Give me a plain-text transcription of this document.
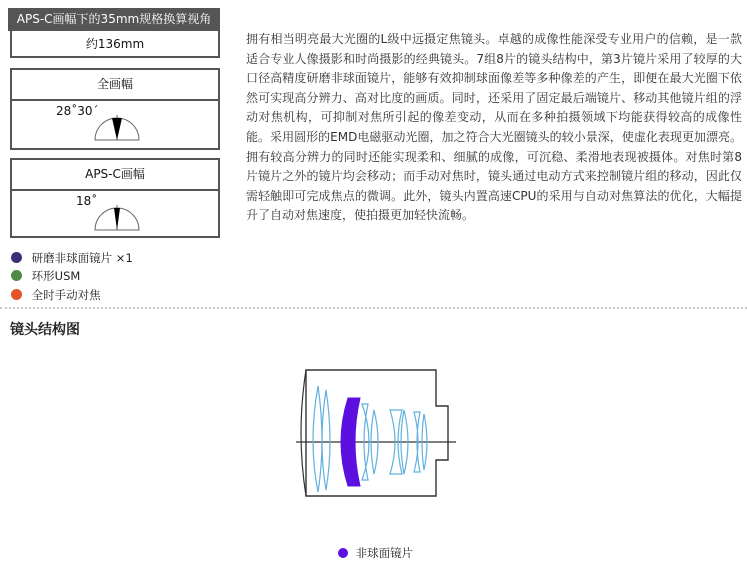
APS-C画幅下的35mm规格换算视角
约136mm
全画幅
28˚30´
APS-C画幅
18˚
研磨非球面镜片 ×1
环形USM
全时手动对焦
拥有相当明亮最大光圈的L级中远摄定焦镜头。卓越的成像性能深受专业用户的信赖，是一款适合专业人像摄影和时尚摄影的经典镜头。7组8片的镜头结构中，第3片镜片采用了较厚的大口径高精度研磨非球面镜片，能够有效抑制球面像差等多种像差的产生，即便在最大光圈下依然可实现高分辨力、高对比度的画质。同时，还采用了固定最后端镜片、移动其他镜片组的浮动对焦机构，可抑制对焦所引起的像差变动，从而在多种拍摄领域下均能获得较高的成像性能。采用圆形的EMD电磁驱动光圈，加之符合大光圈镜头的较小景深，使虚化表现更加漂亮。拥有较高分辨力的同时还能实现柔和、细腻的成像，可沉稳、柔滑地表现被摄体。对焦时第8片镜片之外的镜片均会移动；而手动对焦时，镜头通过电动方式来控制镜片组的移动，因此仅需轻触即可完成焦点的微调。此外，镜头内置高速CPU的采用与自动对焦算法的优化，大幅提升了自动对焦速度，使拍摄更加轻快流畅。
镜头结构图
非球面镜片
